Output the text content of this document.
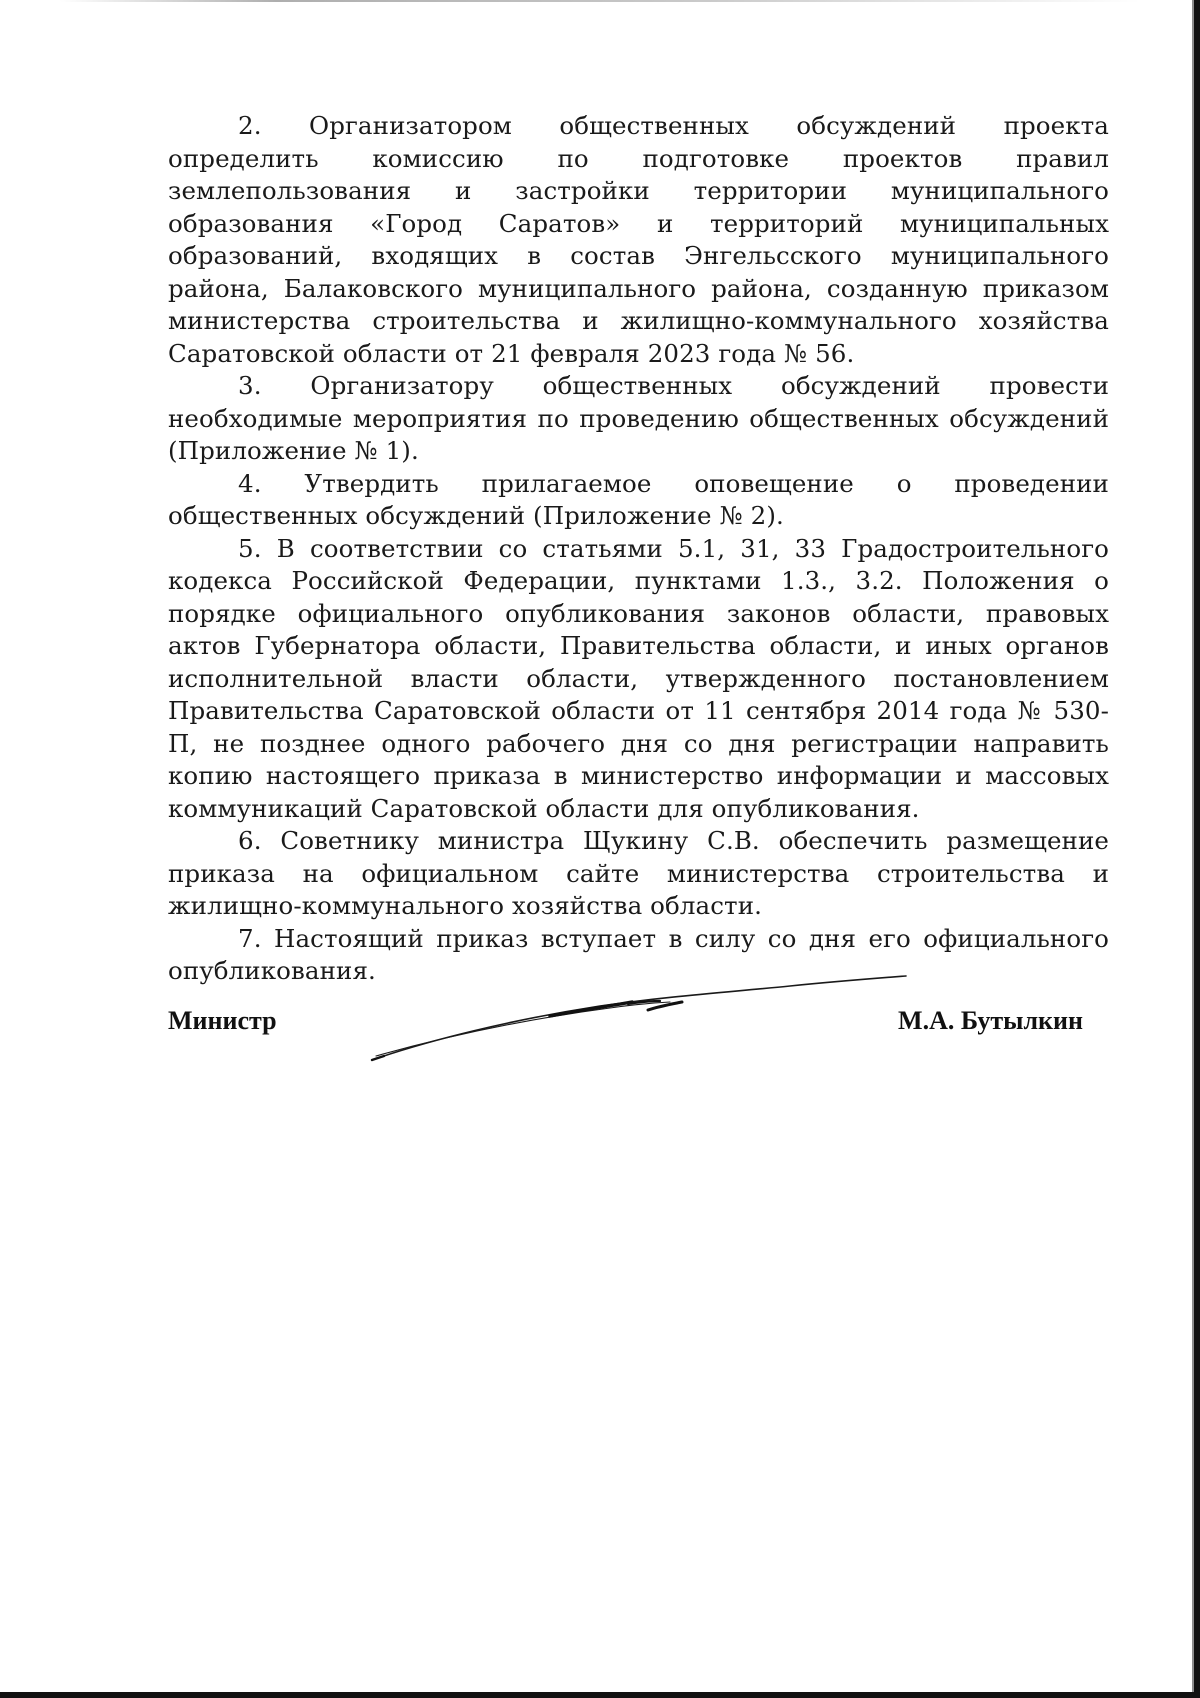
2. Организатором общественных обсуждений проекта определить комиссию по подготовке проектов правил землепользования и застройки территории муниципального образования «Город Саратов» и территорий муниципальных образований, входящих в состав Энгельсского муниципального района, Балаковского муниципального района, созданную приказом министерства строительства и жилищно-коммунального хозяйства Саратовской области от 21 февраля 2023 года № 56.

3. Организатору общественных обсуждений провести необходимые мероприятия по проведению общественных обсуждений (Приложение № 1).

4. Утвердить прилагаемое оповещение о проведении общественных обсуждений (Приложение № 2).

5. В соответствии со статьями 5.1, 31, 33 Градостроительного кодекса Российской Федерации, пунктами 1.3., 3.2. Положения о порядке официального опубликования законов области, правовых актов Губернатора области, Правительства области, и иных органов исполнительной власти области, утвержденного постановлением Правительства Саратовской области от 11 сентября 2014 года № 530-П, не позднее одного рабочего дня со дня регистрации направить копию настоящего приказа в министерство информации и массовых коммуникаций Саратовской области для опубликования.

6. Советнику министра Щукину С.В. обеспечить размещение приказа на официальном сайте министерства строительства и жилищно-коммунального хозяйства области.

7. Настоящий приказ вступает в силу со дня его официального опубликования.

Министр	М.А. Бутылкин
